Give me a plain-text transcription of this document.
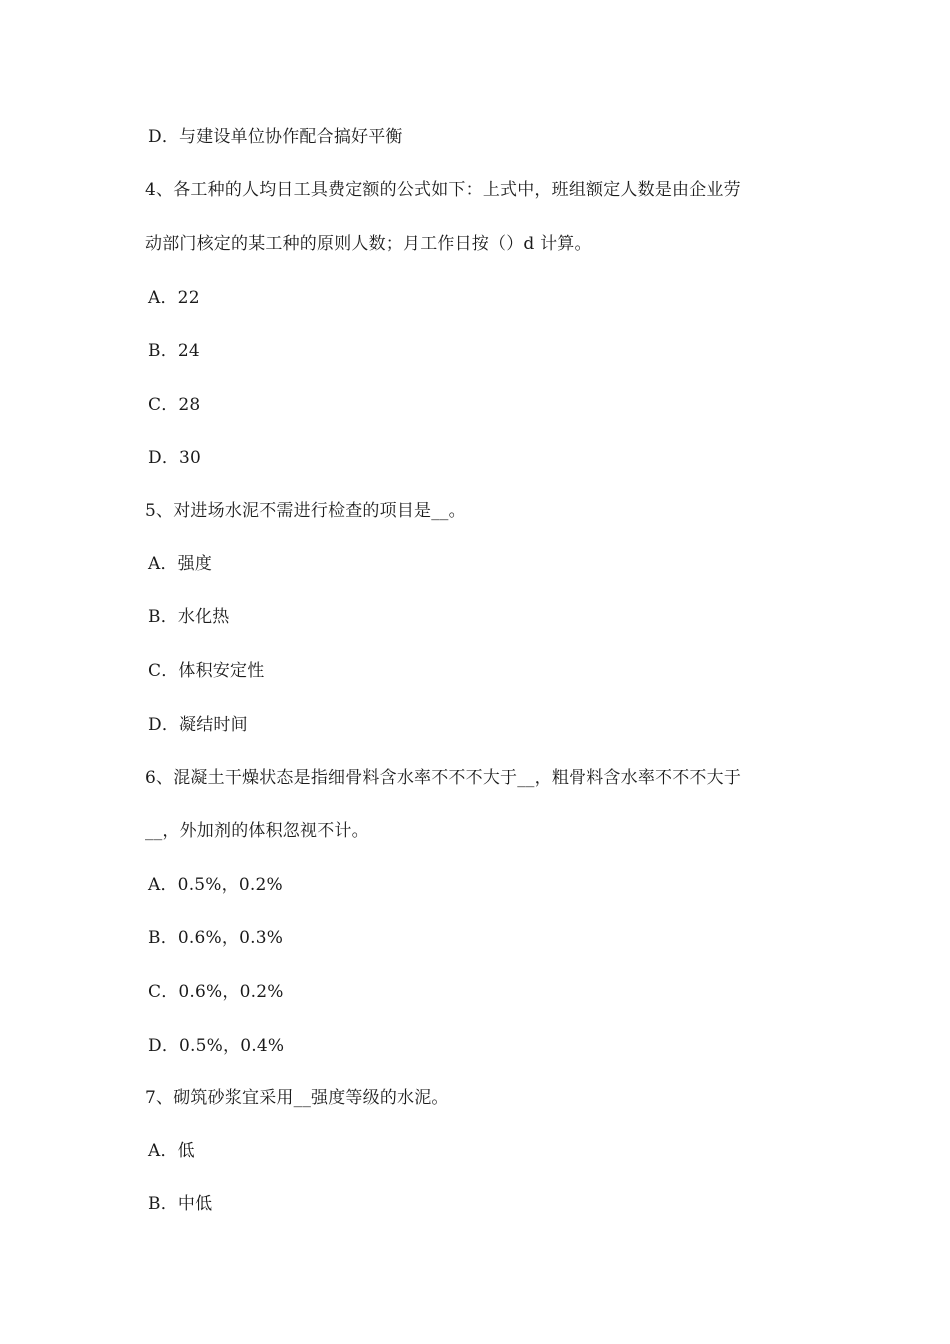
D．与建设单位协作配合搞好平衡
4、各工种的人均日工具费定额的公式如下：上式中，班组额定人数是由企业劳
动部门核定的某工种的原则人数；月工作日按（）d 计算。
A．22
B．24
C．28
D．30
5、对进场水泥不需进行检查的项目是__。
A．强度
B．水化热
C．体积安定性
D．凝结时间
6、混凝土干燥状态是指细骨料含水率不不不大于__，粗骨料含水率不不不大于
__，外加剂的体积忽视不计。
A．0.5%，0.2%
B．0.6%，0.3%
C．0.6%，0.2%
D．0.5%，0.4%
7、砌筑砂浆宜采用__强度等级的水泥。
A．低
B．中低
